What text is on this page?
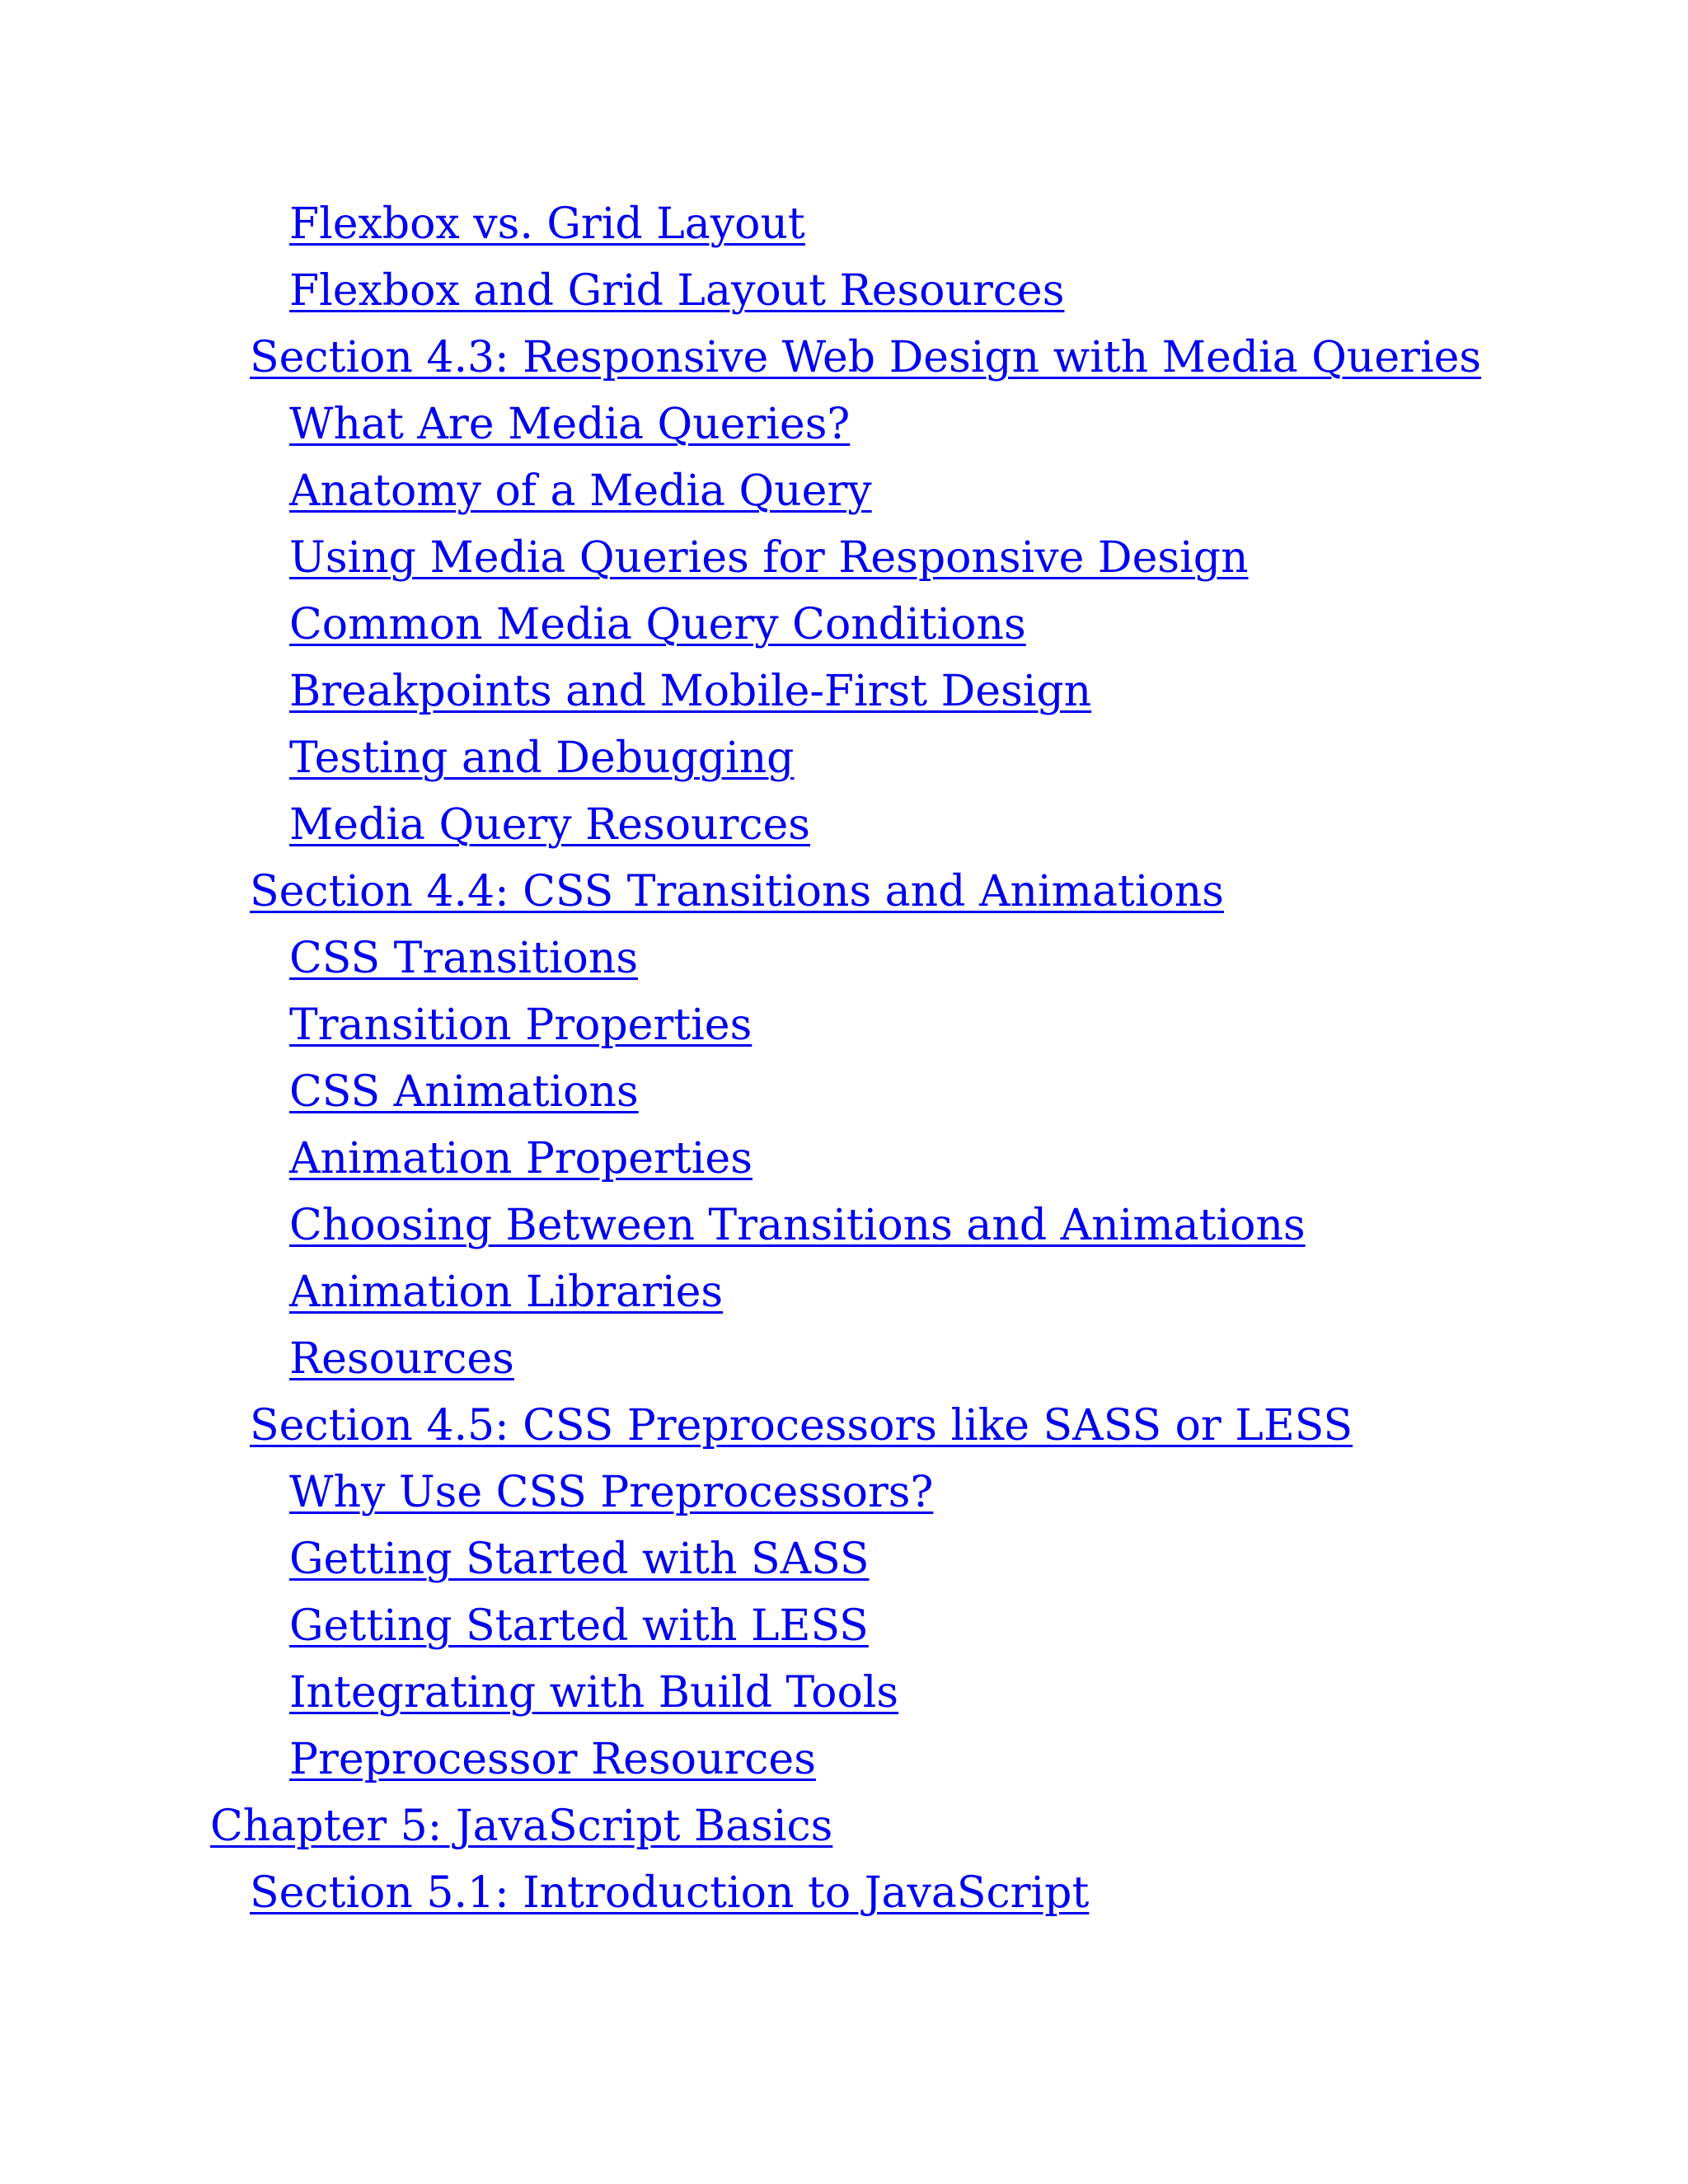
Flexbox vs. Grid Layout
Flexbox and Grid Layout Resources
Section 4.3: Responsive Web Design with Media Queries
What Are Media Queries?
Anatomy of a Media Query
Using Media Queries for Responsive Design
Common Media Query Conditions
Breakpoints and Mobile-First Design
Testing and Debugging
Media Query Resources
Section 4.4: CSS Transitions and Animations
CSS Transitions
Transition Properties
CSS Animations
Animation Properties
Choosing Between Transitions and Animations
Animation Libraries
Resources
Section 4.5: CSS Preprocessors like SASS or LESS
Why Use CSS Preprocessors?
Getting Started with SASS
Getting Started with LESS
Integrating with Build Tools
Preprocessor Resources
Chapter 5: JavaScript Basics
Section 5.1: Introduction to JavaScript
